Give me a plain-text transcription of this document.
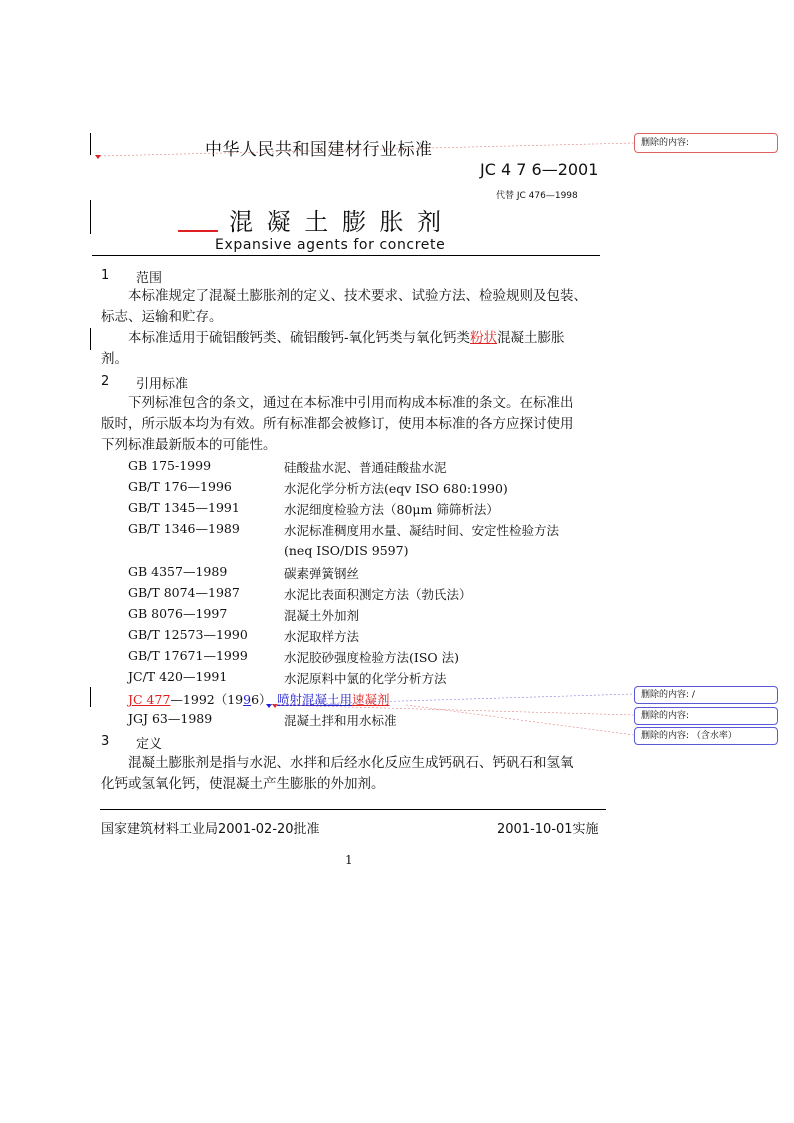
中华人民共和国建材行业标准
JC 4 7 6—2001
代替 JC 476—1998
混 凝 土 膨 胀 剂
Expansive agents for concrete
1 范围
本标准规定了混凝土膨胀剂的定义、技术要求、试验方法、检验规则及包装、
标志、运输和贮存。
本标准适用于硫铝酸钙类、硫铝酸钙-氧化钙类与氧化钙类粉状混凝土膨胀
剂。
2 引用标准
下列标准包含的条文，通过在本标准中引用而构成本标准的条文。在标准出
版时，所示版本均为有效。所有标准都会被修订，使用本标准的各方应探讨使用
下列标准最新版本的可能性。
GB 175-1999	硅酸盐水泥、普通硅酸盐水泥
GB/T 176—1996	水泥化学分析方法(eqv ISO 680:1990)
GB/T 1345—1991	水泥细度检验方法（80μm 筛筛析法）
GB/T 1346—1989	水泥标准稠度用水量、凝结时间、安定性检验方法
(neq ISO/DIS 9597)
GB 4357—1989	碳素弹簧钢丝
GB/T 8074—1987	水泥比表面积测定方法（勃氏法）
GB 8076—1997	混凝土外加剂
GB/T 12573—1990	水泥取样方法
GB/T 17671—1999	水泥胶砂强度检验方法(ISO 法)
JC/T 420—1991	水泥原料中氯的化学分析方法
JC 477—1992（1996） 喷射混凝土用速凝剂
JGJ 63—1989	混凝土拌和用水标准
3 定义
混凝土膨胀剂是指与水泥、水拌和后经水化反应生成钙矾石、钙矾石和氢氧
化钙或氢氧化钙，使混凝土产生膨胀的外加剂。
国家建筑材料工业局2001-02-20批准	2001-10-01实施
1
删除的内容:
删除的内容: /
删除的内容:
删除的内容: （含水率）
